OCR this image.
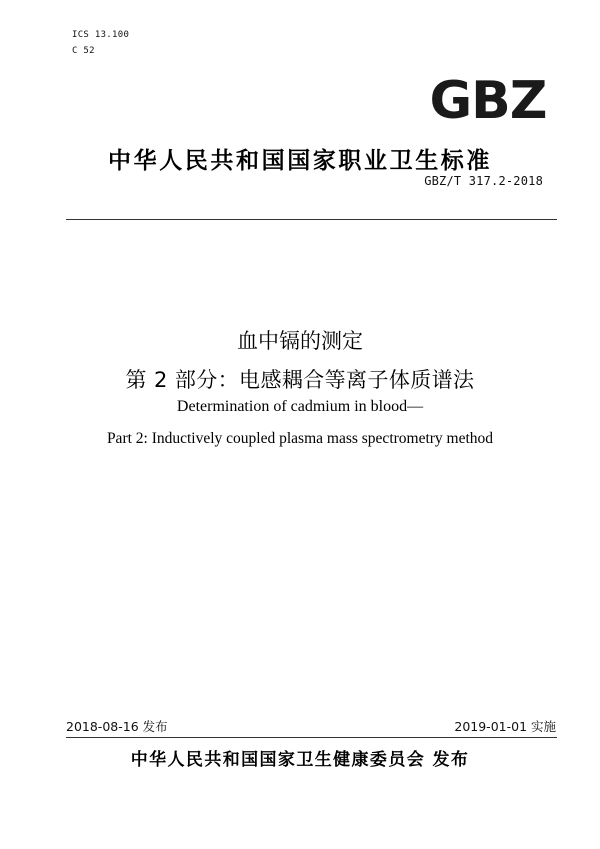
ICS 13.100
C 52
GBZ
中华人民共和国国家职业卫生标准
GBZ/T 317.2-2018
血中镉的测定
第 2 部分：电感耦合等离子体质谱法
Determination of cadmium in blood—
Part 2: Inductively coupled plasma mass spectrometry method
2018-08-16 发布	2019-01-01 实施
中华人民共和国国家卫生健康委员会 发布
